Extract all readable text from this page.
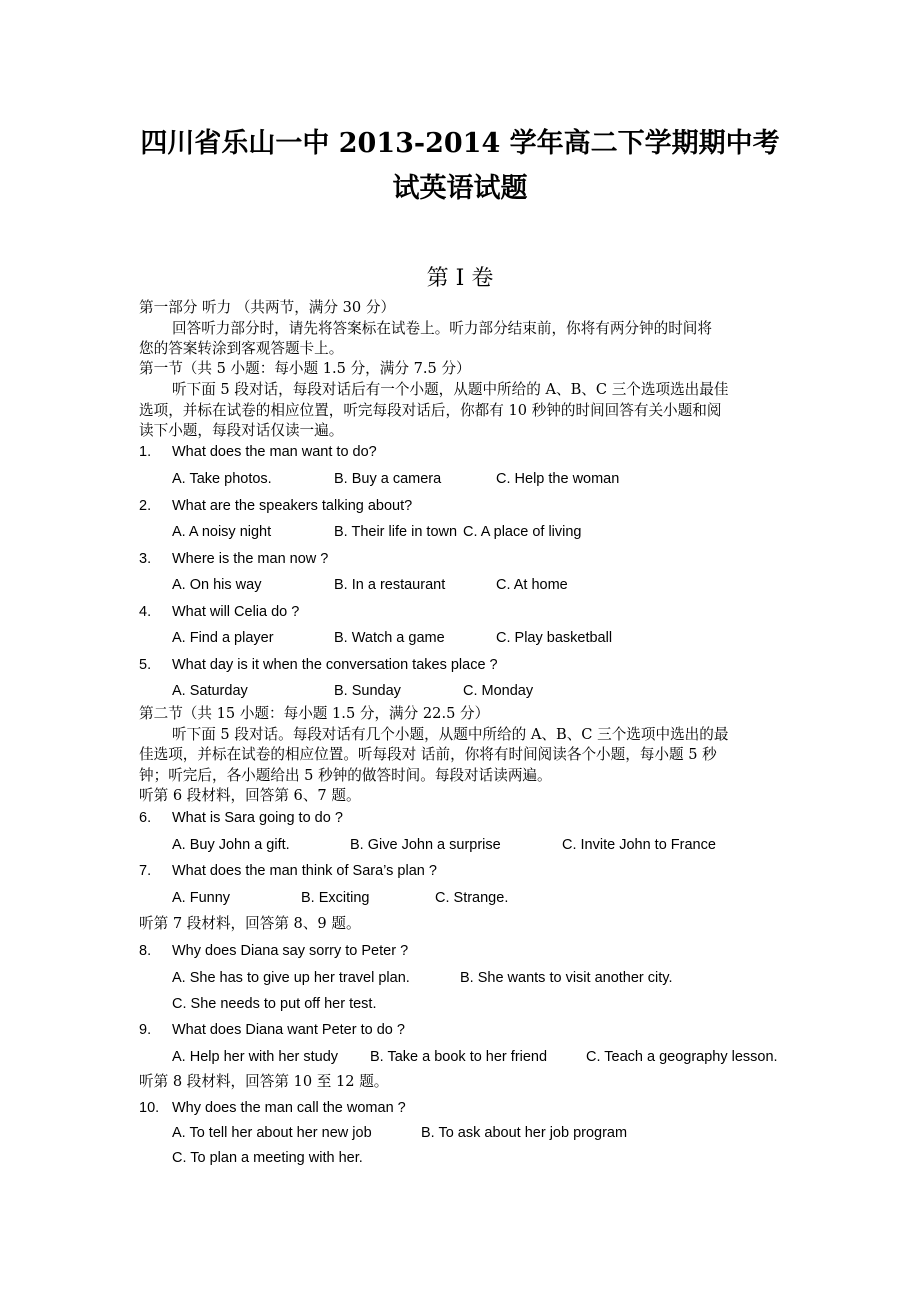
四川省乐山一中 2013-2014 学年高二下学期期中考
试英语试题
第 I 卷
第一部分 听力 （共两节，满分 30 分）
回答听力部分时，请先将答案标在试卷上。听力部分结束前，你将有两分钟的时间将
您的答案转涂到客观答题卡上。
第一节（共 5 小题：每小题 1.5 分，满分 7.5 分）
听下面 5 段对话，每段对话后有一个小题，从题中所给的 A、B、C 三个选项选出最佳
选项，并标在试卷的相应位置，听完每段对话后，你都有 10 秒钟的时间回答有关小题和阅
读下小题，每段对话仅读一遍。
第二节（共 15 小题：每小题 1.5 分，满分 22.5 分）
听下面 5 段对话。每段对话有几个小题，从题中所给的 A、B、C 三个选项中选出的最
佳选项，并标在试卷的相应位置。听每段对 话前，你将有时间阅读各个小题，每小题 5 秒
钟；听完后，各小题给出 5 秒钟的做答时间。每段对话读两遍。
听第 6 段材料，回答第 6、7 题。
听第 7 段材料，回答第 8、9 题。
听第 8 段材料，回答第 10 至 12 题。
1. What does the man want to do?
A. Take photos.	B. Buy a camera	C. Help the woman
2. What are the speakers talking about?
A. A noisy night	B. Their life in town C. A place of living
3. Where is the man now ?
A. On his way	B. In a restaurant	C. At home
4. What will Celia do ?
A. Find a player	B. Watch a game	C. Play basketball
5. What day is it when the conversation takes place ?
A. Saturday	B. Sunday	C. Monday
6. What is Sara going to do ?
A. Buy John a gift.	B. Give John a surprise	C. Invite John to France
7. What does the man think of Sara’s plan ?
A. Funny	B. Exciting	C. Strange.
8. Why does Diana say sorry to Peter ?
A. She has to give up her travel plan.	B. She wants to visit another city.
C. She needs to put off her test.
9. What does Diana want Peter to do ?
A. Help her with her study B. Take a book to her friend	C. Teach a geography lesson.
10. Why does the man call the woman ?
A. To tell her about her new job	B. To ask about her job program
C. To plan a meeting with her.
